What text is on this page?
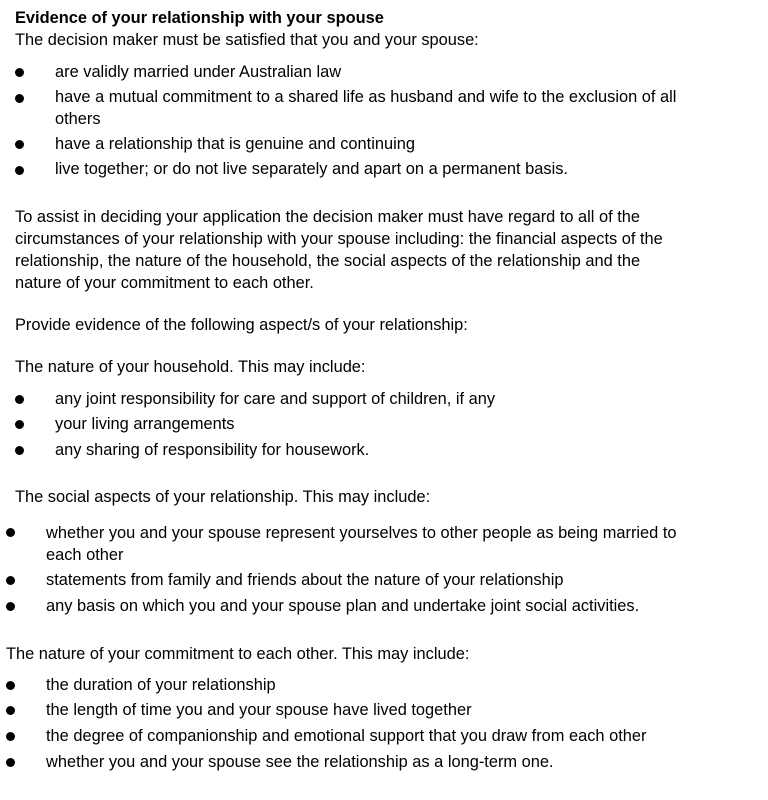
Evidence of your relationship with your spouse

The decision maker must be satisfied that you and your spouse:

are validly married under Australian law

have a mutual commitment to a shared life as husband and wife to the exclusion of all

others

have a relationship that is genuine and continuing

live together; or do not live separately and apart on a permanent basis.

To assist in deciding your application the decision maker must have regard to all of the

circumstances of your relationship with your spouse including: the financial aspects of the

relationship, the nature of the household, the social aspects of the relationship and the

nature of your commitment to each other.

Provide evidence of the following aspect/s of your relationship:

The nature of your household. This may include:

any joint responsibility for care and support of children, if any

your living arrangements

any sharing of responsibility for housework.

The social aspects of your relationship. This may include:

whether you and your spouse represent yourselves to other people as being married to

each other

statements from family and friends about the nature of your relationship

any basis on which you and your spouse plan and undertake joint social activities.

The nature of your commitment to each other. This may include:

the duration of your relationship

the length of time you and your spouse have lived together

the degree of companionship and emotional support that you draw from each other

whether you and your spouse see the relationship as a long-term one.
